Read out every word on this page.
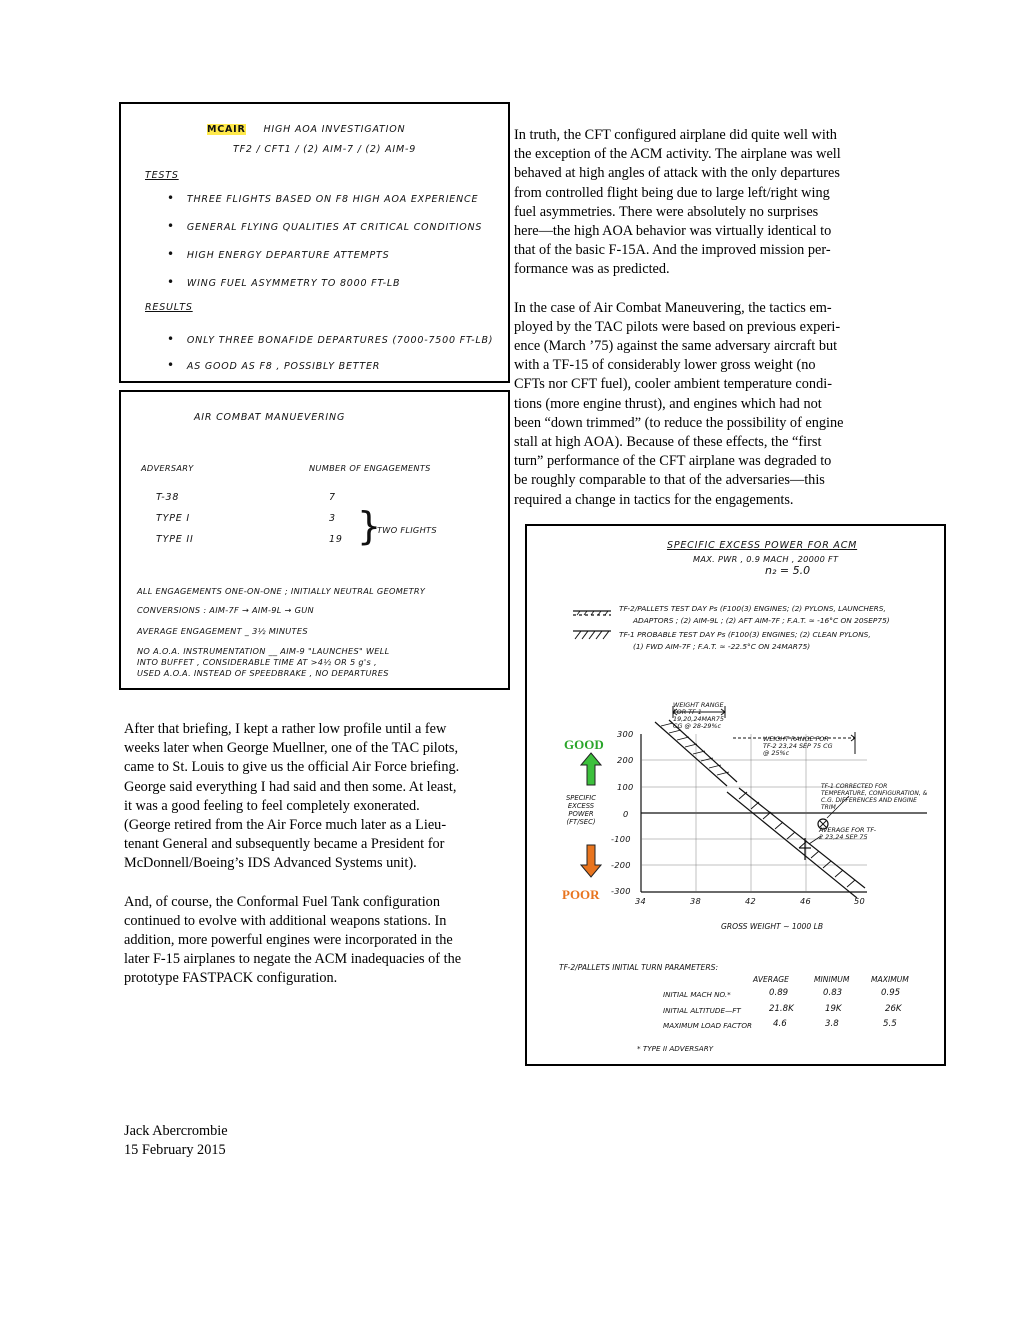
MCAIR HIGH AOA INVESTIGATION
TF2 / CFT1 / (2) AIM-7 / (2) AIM-9
TESTS
• THREE FLIGHTS BASED ON F8 HIGH AOA EXPERIENCE
• GENERAL FLYING QUALITIES AT CRITICAL CONDITIONS
• HIGH ENERGY DEPARTURE ATTEMPTS
• WING FUEL ASYMMETRY TO 8000 FT-LB
RESULTS
• ONLY THREE BONAFIDE DEPARTURES (7000-7500 FT-LB)
• AS GOOD AS F8 , POSSIBLY BETTER
AIR COMBAT MANUEVERING
ADVERSARY	NUMBER OF ENGAGEMENTS
T-38	7
TYPE I	3
TYPE II	19 }
TWO FLIGHTS
ALL ENGAGEMENTS ONE-ON-ONE ; INITIALLY NEUTRAL GEOMETRY
CONVERSIONS : AIM-7F → AIM-9L → GUN
AVERAGE ENGAGEMENT _ 3½ MINUTES
NO A.O.A. INSTRUMENTATION __ AIM-9 "LAUNCHES" WELL
INTO BUFFET , CONSIDERABLE TIME AT >4½ OR 5 g's ,
USED A.O.A. INSTEAD OF SPEEDBRAKE , NO DEPARTURES

In truth, the CFT configured airplane did quite well with
the exception of the ACM activity. The airplane was well
behaved at high angles of attack with the only departures
from controlled flight being due to large left/right wing
fuel asymmetries. There were absolutely no surprises
here—the high AOA behavior was virtually identical to
that of the basic F-15A. And the improved mission per-
formance was as predicted.

In the case of Air Combat Maneuvering, the tactics em-
ployed by the TAC pilots were based on previous experi-
ence (March ’75) against the same adversary aircraft but
with a TF-15 of considerably lower gross weight (no
CFTs nor CFT fuel), cooler ambient temperature condi-
tions (more engine thrust), and engines which had not
been “down trimmed” (to reduce the possibility of engine
stall at high AOA). Because of these effects, the “first
turn” performance of the CFT airplane was degraded to
be roughly comparable to that of the adversaries—this
required a change in tactics for the engagements.

After that briefing, I kept a rather low profile until a few
weeks later when George Muellner, one of the TAC pilots,
came to St. Louis to give us the official Air Force briefing.
George said everything I had said and then some. At least,
it was a good feeling to feel completely exonerated.
(George retired from the Air Force much later as a Lieu-
tenant General and subsequently became a President for
McDonnell/Boeing’s IDS Advanced Systems unit).

And, of course, the Conformal Fuel Tank configuration
continued to evolve with additional weapons stations. In
addition, more powerful engines were incorporated in the
later F-15 airplanes to negate the ACM inadequacies of the
prototype FASTPACK configuration.

Jack Abercrombie
15 February 2015
SPECIFIC EXCESS POWER FOR ACM
MAX. PWR , 0.9 MACH , 20000 FT
n₂ = 5.0
TF-2/PALLETS TEST DAY Ps (F100(3) ENGINES; (2) PYLONS, LAUNCHERS,
ADAPTORS ; (2) AIM-9L ; (2) AFT AIM-7F ; F.A.T. ≈ -16°C ON 20SEP75)
TF-1 PROBABLE TEST DAY Ps (F100(3) ENGINES; (2) CLEAN PYLONS,
(1) FWD AIM-7F ; F.A.T. ≈ -22.5°C ON 24MAR75)
GOOD
SPECIFIC EXCESS POWER (FT/SEC)
POOR
300
200
100
0
-100
-200
-300
34	38	42	46	50
GROSS WEIGHT ~ 1000 LB
WEIGHT RANGE FOR TF-1 19,20,24MAR75 CG @ 28-29%c
WEIGHT RANGE FOR TF-2 23,24 SEP 75 CG @ 25%c
TF-1 CORRECTED FOR TEMPERATURE, CONFIGURATION, & C.G. DIFFERENCES AND ENGINE TRIM.
AVERAGE FOR TF-2 23,24 SEP 75
TF-2/PALLETS INITIAL TURN PARAMETERS:
AVERAGE	MINIMUM	MAXIMUM
INITIAL MACH NO.*	0.89	0.83	0.95
INITIAL ALTITUDE—FT	21.8K	19K	26K
MAXIMUM LOAD FACTOR 4.6	3.8	5.5
* TYPE II ADVERSARY
